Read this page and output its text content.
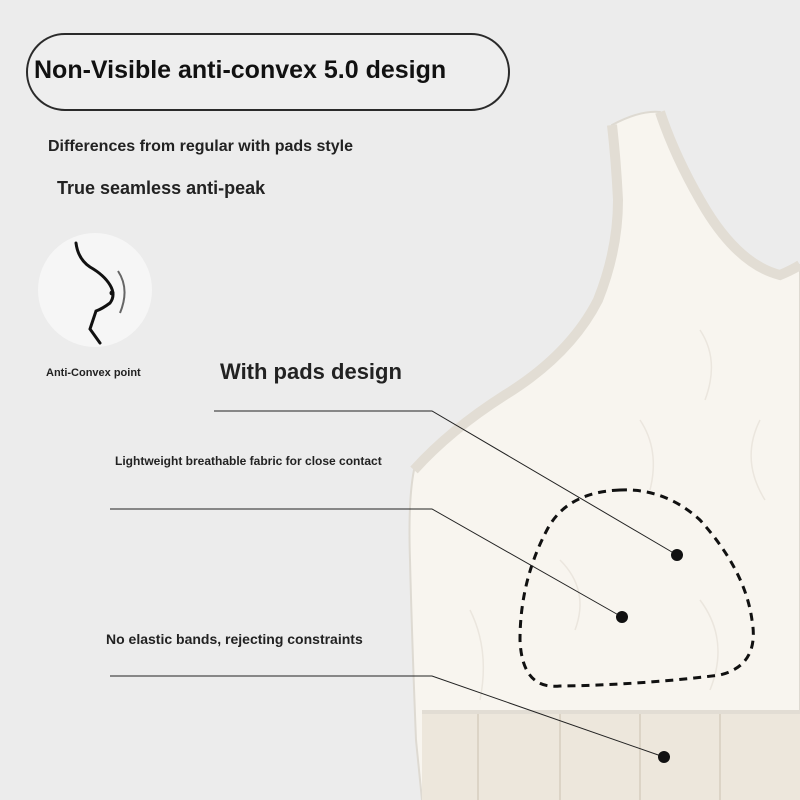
Non-Visible anti-convex 5.0 design
Differences from regular with pads style
True seamless anti-peak
Anti-Convex point	With pads design
Lightweight breathable fabric for close contact
No elastic bands, rejecting constraints
